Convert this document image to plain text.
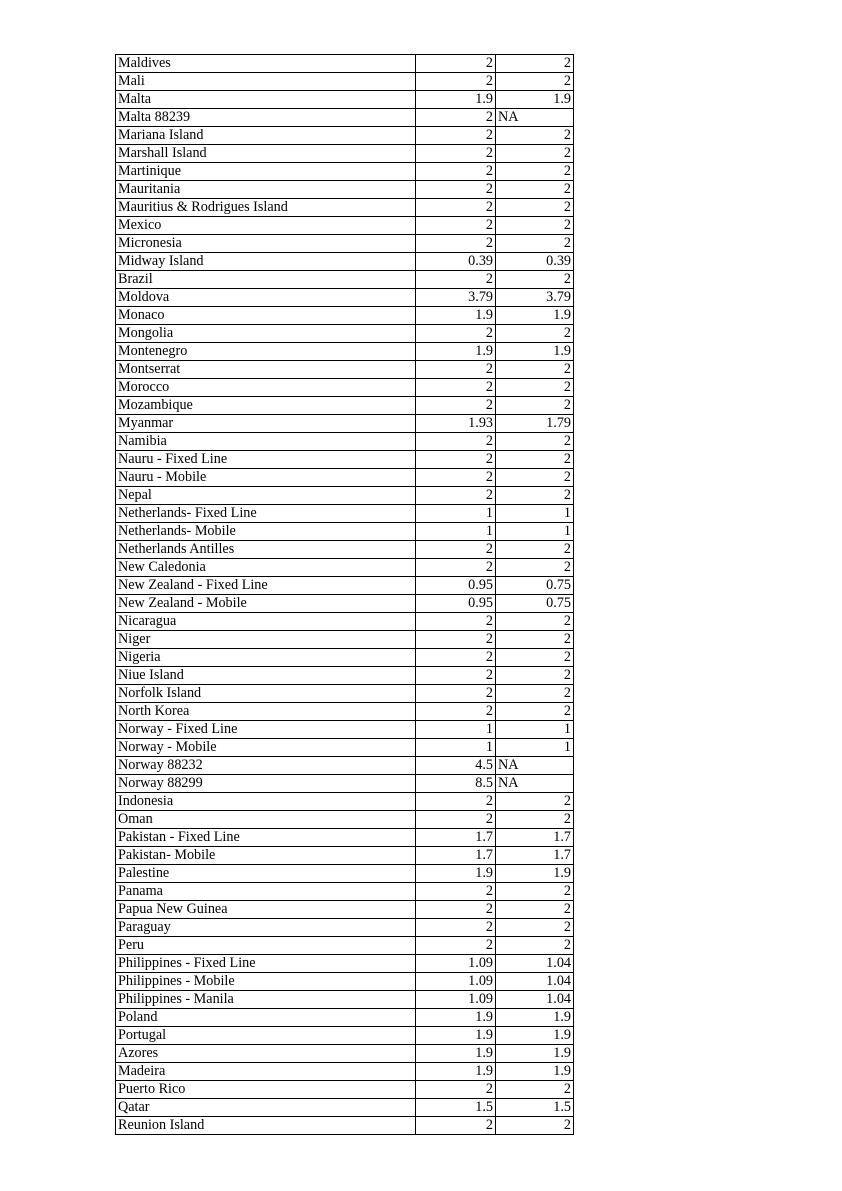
Maldives	2	2
Mali	2	2
Malta	1.9	1.9
Malta 88239	2	NA
Mariana Island	2	2
Marshall Island	2	2
Martinique	2	2
Mauritania	2	2
Mauritius & Rodrigues Island	2	2
Mexico	2	2
Micronesia	2	2
Midway Island	0.39	0.39
Brazil	2	2
Moldova	3.79	3.79
Monaco	1.9	1.9
Mongolia	2	2
Montenegro	1.9	1.9
Montserrat	2	2
Morocco	2	2
Mozambique	2	2
Myanmar	1.93	1.79
Namibia	2	2
Nauru - Fixed Line	2	2
Nauru - Mobile	2	2
Nepal	2	2
Netherlands- Fixed Line	1	1
Netherlands- Mobile	1	1
Netherlands Antilles	2	2
New Caledonia	2	2
New Zealand - Fixed Line	0.95	0.75
New Zealand - Mobile	0.95	0.75
Nicaragua	2	2
Niger	2	2
Nigeria	2	2
Niue Island	2	2
Norfolk Island	2	2
North Korea	2	2
Norway - Fixed Line	1	1
Norway - Mobile	1	1
Norway 88232	4.5	NA
Norway 88299	8.5	NA
Indonesia	2	2
Oman	2	2
Pakistan - Fixed Line	1.7	1.7
Pakistan- Mobile	1.7	1.7
Palestine	1.9	1.9
Panama	2	2
Papua New Guinea	2	2
Paraguay	2	2
Peru	2	2
Philippines - Fixed Line	1.09	1.04
Philippines - Mobile	1.09	1.04
Philippines - Manila	1.09	1.04
Poland	1.9	1.9
Portugal	1.9	1.9
Azores	1.9	1.9
Madeira	1.9	1.9
Puerto Rico	2	2
Qatar	1.5	1.5
Reunion Island	2	2
